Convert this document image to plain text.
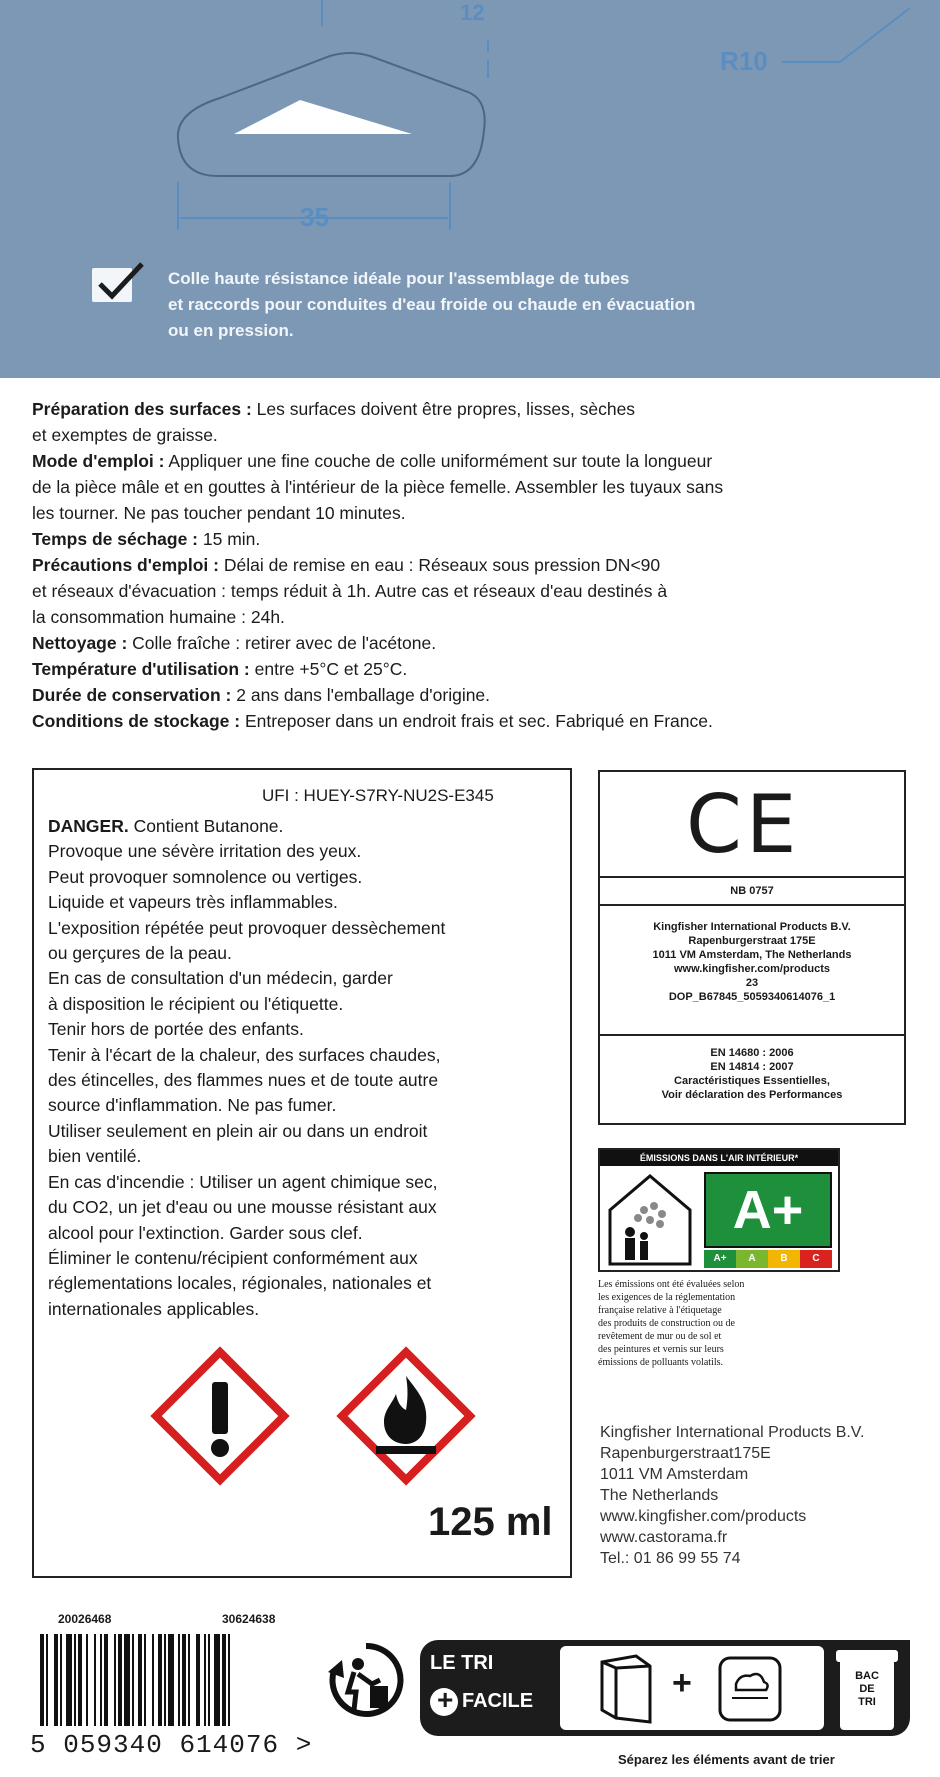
12
35
R10
Colle haute résistance idéale pour l'assemblage de tubes
et raccords pour conduites d'eau froide ou chaude en évacuation
ou en pression.
Préparation des surfaces : Les surfaces doivent être propres, lisses, sèches
et exemptes de graisse.
Mode d'emploi : Appliquer une fine couche de colle uniformément sur toute la longueur
de la pièce mâle et en gouttes à l'intérieur de la pièce femelle. Assembler les tuyaux sans
les tourner. Ne pas toucher pendant 10 minutes.
Temps de séchage : 15 min.
Précautions d'emploi : Délai de remise en eau : Réseaux sous pression DN<90
et réseaux d'évacuation : temps réduit à 1h. Autre cas et réseaux d'eau destinés à
la consommation humaine : 24h.
Nettoyage : Colle fraîche : retirer avec de l'acétone.
Température d'utilisation : entre +5°C et 25°C.
Durée de conservation : 2 ans dans l'emballage d'origine.
Conditions de stockage : Entreposer dans un endroit frais et sec. Fabriqué en France.
UFI : HUEY-S7RY-NU2S-E345
DANGER. Contient Butanone.
Provoque une sévère irritation des yeux.
Peut provoquer somnolence ou vertiges.
Liquide et vapeurs très inflammables.
L'exposition répétée peut provoquer dessèchement
ou gerçures de la peau.
En cas de consultation d'un médecin, garder
à disposition le récipient ou l'étiquette.
Tenir hors de portée des enfants.
Tenir à l'écart de la chaleur, des surfaces chaudes,
des étincelles, des flammes nues et de toute autre
source d'inflammation. Ne pas fumer.
Utiliser seulement en plein air ou dans un endroit
bien ventilé.
En cas d'incendie : Utiliser un agent chimique sec,
du CO2, un jet d'eau ou une mousse résistant aux
alcool pour l'extinction. Garder sous clef.
Éliminer le contenu/récipient conformément aux
réglementations locales, régionales, nationales et
internationales applicables.
CE
NB 0757
Kingfisher International Products B.V.
Rapenburgerstraat 175E
1011 VM Amsterdam, The Netherlands
www.kingfisher.com/products
23
DOP_B67845_5059340614076_1
EN 14680 : 2006
EN 14814 : 2007
Caractéristiques Essentielles,
Voir déclaration des Performances
ÉMISSIONS DANS L'AIR INTÉRIEUR*
A+
A+	A	B	C
Les émissions ont été évaluées selon
les exigences de la réglementation
française relative à l'étiquetage
des produits de construction ou de
revêtement de mur ou de sol et
des peintures et vernis sur leurs
émissions de polluants volatils.
Kingfisher International Products B.V.
Rapenburgerstraat175E
1011 VM Amsterdam
The Netherlands
www.kingfisher.com/products
www.castorama.fr
Tel.: 01 86 99 55 74
125 ml
20026468	30624638
5 059340 614076 >
LE TRI
+ FACILE	+	BAC
DE
TRI
Séparez les éléments avant de trier
